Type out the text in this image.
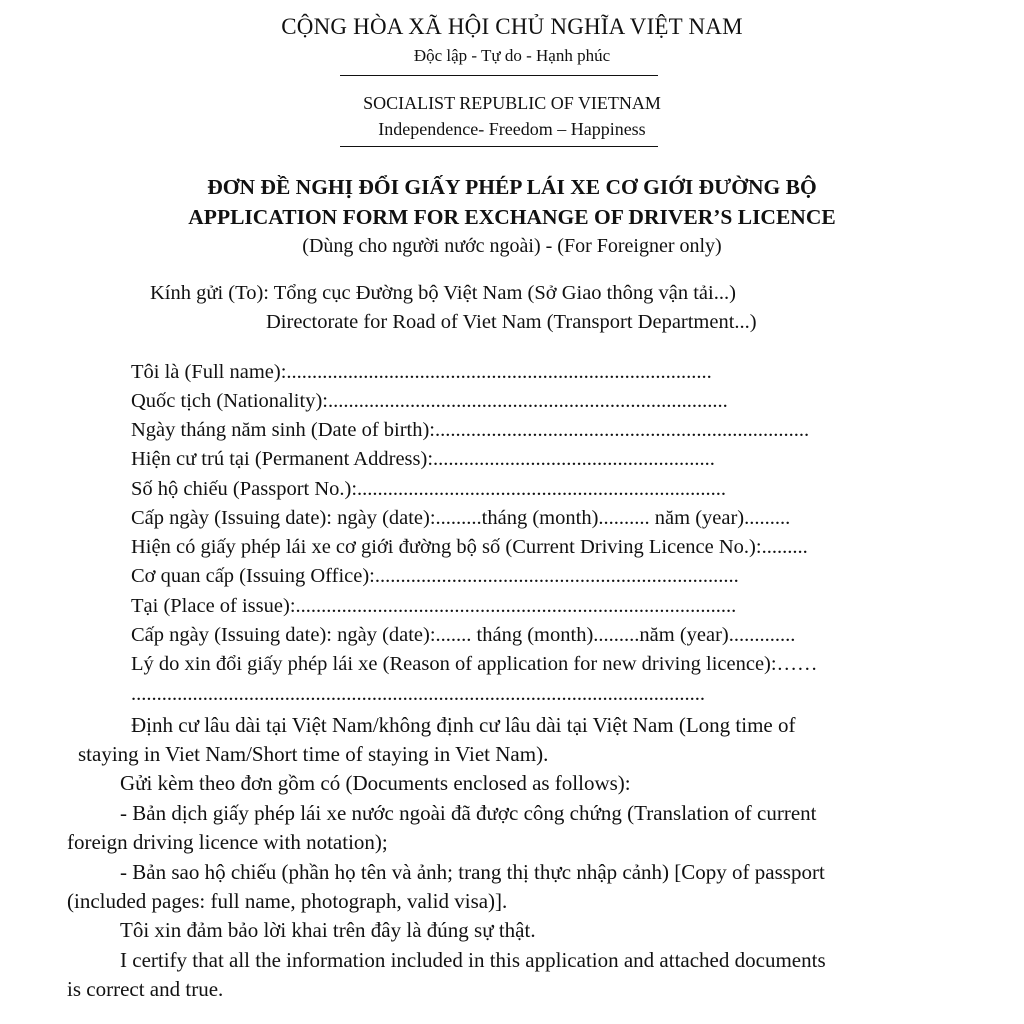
CỘNG HÒA XÃ HỘI CHỦ NGHĨA VIỆT NAM
Độc lập - Tự do - Hạnh phúc
SOCIALIST REPUBLIC OF VIETNAM
Independence- Freedom – Happiness
ĐƠN ĐỀ NGHỊ ĐỔI GIẤY PHÉP LÁI XE CƠ GIỚI ĐƯỜNG BỘ
APPLICATION FORM FOR EXCHANGE OF DRIVER’S LICENCE
(Dùng cho người nước ngoài) - (For Foreigner only)
Kính gửi (To): Tổng cục Đường bộ Việt Nam (Sở Giao thông vận tải...)
Directorate for Road of Viet Nam (Transport Department...)
Tôi là (Full name):...................................................................................
Quốc tịch (Nationality):..............................................................................
Ngày tháng năm sinh (Date of birth):.........................................................................
Hiện cư trú tại (Permanent Address):.......................................................
Số hộ chiếu (Passport No.):........................................................................
Cấp ngày (Issuing date): ngày (date):.........tháng (month).......... năm (year).........
Hiện có giấy phép lái xe cơ giới đường bộ số (Current Driving Licence No.):.........
Cơ quan cấp (Issuing Office):.......................................................................
Tại (Place of issue):......................................................................................
Cấp ngày (Issuing date): ngày (date):....... tháng (month).........năm (year).............
Lý do xin đổi giấy phép lái xe (Reason of application for new driving licence):……
................................................................................................................
Định cư lâu dài tại Việt Nam/không định cư lâu dài tại Việt Nam (Long time of
staying in Viet Nam/Short time of staying in Viet Nam).
Gửi kèm theo đơn gồm có (Documents enclosed as follows):
- Bản dịch giấy phép lái xe nước ngoài đã được công chứng (Translation of current
foreign driving licence with notation);
- Bản sao hộ chiếu (phần họ tên và ảnh; trang thị thực nhập cảnh) [Copy of passport
(included pages: full name, photograph, valid visa)].
Tôi xin đảm bảo lời khai trên đây là đúng sự thật.
I certify that all the information included in this application and attached documents
is correct and true.
